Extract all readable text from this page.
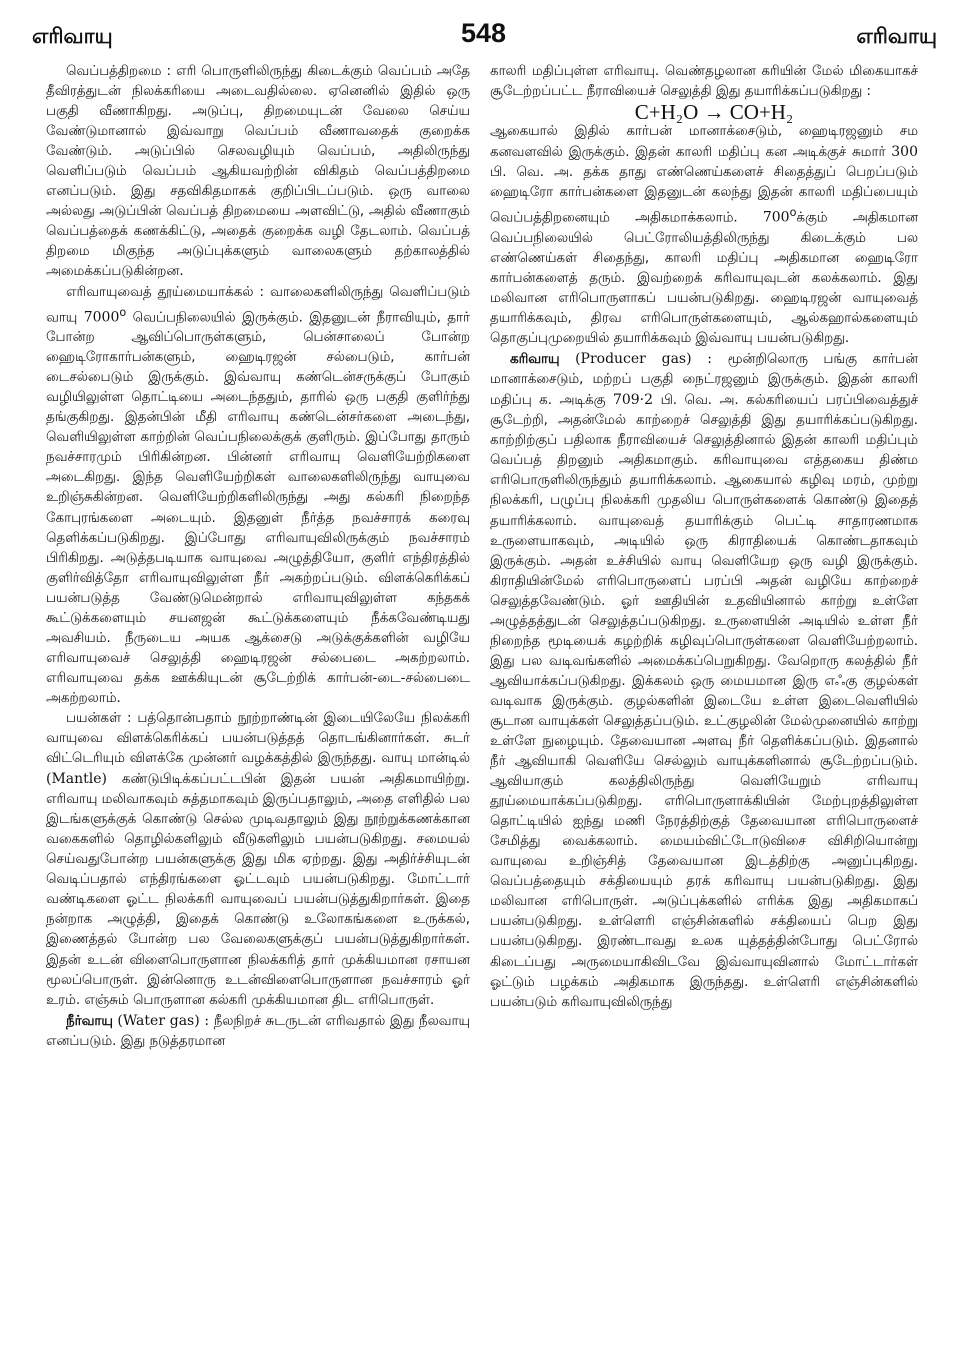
எரிவாயு	548	எரிவாயு

வெப்பத்திறமை : எரி பொருளிலிருந்து கிடைக்கும் வெப்பம் அதே தீவிரத்துடன் நிலக்கரியை அடைவதில்லை. ஏனெனில் இதில் ஒரு பகுதி வீணாகிறது. அடுப்பு, திறமையுடன் வேலை செய்ய வேண்டுமானால் இவ்வாறு வெப்பம் வீணாவதைக் குறைக்க வேண்டும். அடுப்பில் செலவழியும் வெப்பம், அதிலிருந்து வெளிப்படும் வெப்பம் ஆகியவற்றின் விகிதம் வெப்பத்திறமை எனப்படும். இது சதவிகிதமாகக் குறிப்பிடப்படும். ஒரு வாலை அல்லது அடுப்பின் வெப்பத் திறமையை அளவிட்டு, அதில் வீணாகும் வெப்பத்தைக் கணக்கிட்டு, அதைக் குறைக்க வழி தேடலாம். வெப்பத் திறமை மிகுந்த அடுப்புக்களும் வாலைகளும் தற்காலத்தில் அமைக்கப்படுகின்றன.

எரிவாயுவைத் தூய்மையாக்கல் : வாலைகளிலிருந்து வெளிப்படும் வாயு 7000$^o$ வெப்பநிலையில் இருக்கும். இதனுடன் நீராவியும், தார் போன்ற ஆவிப்பொருள்களும், பென்சாலைப் போன்ற ஹைடிரோகார்பன்களும், ஹைடிரஜன் சல்பைடும், கார்பன் டைசல்பைடும் இருக்கும். இவ்வாயு கண்டென்சருக்குப் போகும் வழியிலுள்ள தொட்டியை அடைந்ததும், தாரில் ஒரு பகுதி குளிர்ந்து தங்குகிறது. இதன்பின் மீதி எரிவாயு கண்டென்சர்களை அடைந்து, வெளியிலுள்ள காற்றின் வெப்பநிலைக்குக் குளிரும். இப்போது தாரும் நவச்சாரமும் பிரிகின்றன. பின்னர் எரிவாயு வெளியேற்றிகளை அடைகிறது. இந்த வெளியேற்றிகள் வாலைகளிலிருந்து வாயுவை உறிஞ்சுகின்றன. வெளியேற்றிகளிலிருந்து அது கல்கரி நிறைந்த கோபுரங்களை அடையும். இதனுள் நீர்த்த நவச்சாரக் கரைவு தெளிக்கப்படுகிறது. இப்போது எரிவாயுவிலிருக்கும் நவச்சாரம் பிரிகிறது. அடுத்தபடியாக வாயுவை அழுத்தியோ, குளிர் எந்திரத்தில் குளிர்வித்தோ எரிவாயுவிலுள்ள நீர் அகற்றப்படும். விளக்கெரிக்கப் பயன்படுத்த வேண்டுமென்றால் எரிவாயுவிலுள்ள கந்தகக் கூட்டுக்களையும் சயனஜன் கூட்டுக்களையும் நீக்கவேண்டியது அவசியம். நீருடைய அயக ஆக்சைடு அடுக்குக்களின் வழியே எரிவாயுவைச் செலுத்தி ஹைடிரஜன் சல்பைடை அகற்றலாம். எரிவாயுவை தக்க ஊக்கியுடன் சூடேற்றிக் கார்பன்-டை-சல்பைடை அகற்றலாம்.

பயன்கள் : பத்தொன்பதாம் நூற்றாண்டின் இடையிலேயே நிலக்கரி வாயுவை விளக்கெரிக்கப் பயன்படுத்தத் தொடங்கினார்கள். சுடர் விட்டெரியும் விளக்கே முன்னர் வழக்கத்தில் இருந்தது. வாயு மான்டில் (Mantle) கண்டுபிடிக்கப்பட்டபின் இதன் பயன் அதிகமாயிற்று. எரிவாயு மலிவாகவும் சுத்தமாகவும் இருப்பதாலும், அதை எளிதில் பல இடங்களுக்குக் கொண்டு செல்ல முடிவதாலும் இது நூற்றுக்கணக்கான வகைகளில் தொழில்களிலும் வீடுகளிலும் பயன்படுகிறது. சமையல் செய்வதுபோன்ற பயன்களுக்கு இது மிக ஏற்றது. இது அதிர்ச்சியுடன் வெடிப்பதால் எந்திரங்களை ஓட்டவும் பயன்படுகிறது. மோட்டார் வண்டிகளை ஓட்ட நிலக்கரி வாயுவைப் பயன்படுத்துகிறார்கள். இதை நன்றாக அழுத்தி, இதைக் கொண்டு உலோகங்களை உருக்கல், இணைத்தல் போன்ற பல வேலைகளுக்குப் பயன்படுத்துகிறார்கள். இதன் உடன் விளைபொருளான நிலக்கரித் தார் முக்கியமான ரசாயன மூலப்பொருள். இன்னொரு உடன்விளைபொருளான நவச்சாரம் ஓர் உரம். எஞ்சும் பொருளான கல்கரி முக்கியமான திட எரிபொருள்.

நீர்வாயு (Water gas) : நீலநிறச் சுடருடன் எரிவதால் இது நீலவாயு எனப்படும். இது நடுத்தரமான

காலரி மதிப்புள்ள எரிவாயு. வெண்தழலான கரியின் மேல் மிகையாகச் சூடேற்றப்பட்ட நீராவியைச் செலுத்தி இது தயாரிக்கப்படுகிறது :

C+H₂O → CO+H₂

ஆகையால் இதில் கார்பன் மானாக்சைடும், ஹைடிரஜனும் சம கனவளவில் இருக்கும். இதன் காலரி மதிப்பு கன அடிக்குச் சுமார் 300 பி. வெ. அ. தக்க தாது எண்ணெய்களைச் சிதைத்துப் பெறப்படும் ஹைடிரோ கார்பன்களை இதனுடன் கலந்து இதன் காலரி மதிப்பையும் வெப்பத்திறனையும் அதிகமாக்கலாம். 700$^o$க்கும் அதிகமான வெப்பநிலையில் பெட்ரோலியத்திலிருந்து கிடைக்கும் பல எண்ணெய்கள் சிதைந்து, காலரி மதிப்பு அதிகமான ஹைடிரோ கார்பன்களைத் தரும். இவற்றைக் கரிவாயுவுடன் கலக்கலாம். இது மலிவான எரிபொருளாகப் பயன்படுகிறது. ஹைடிரஜன் வாயுவைத் தயாரிக்கவும், திரவ எரிபொருள்களையும், ஆல்கஹால்களையும் தொகுப்புமுறையில் தயாரிக்கவும் இவ்வாயு பயன்படுகிறது.

கரிவாயு (Producer gas) : மூன்றிலொரு பங்கு கார்பன் மானாக்சைடும், மற்றப் பகுதி நைட்ரஜனும் இருக்கும். இதன் காலரி மதிப்பு க. அடிக்கு 709·2 பி. வெ. அ. கல்கரியைப் பரப்பிவைத்துச் சூடேற்றி, அதன்மேல் காற்றைச் செலுத்தி இது தயாரிக்கப்படுகிறது. காற்றிற்குப் பதிலாக நீராவியைச் செலுத்தினால் இதன் காலரி மதிப்பும் வெப்பத் திறனும் அதிகமாகும். கரிவாயுவை எத்தகைய திண்ம எரிபொருளிலிருந்தும் தயாரிக்கலாம். ஆகையால் கழிவு மரம், முற்று நிலக்கரி, பழுப்பு நிலக்கரி முதலிய பொருள்களைக் கொண்டு இதைத் தயாரிக்கலாம். வாயுவைத் தயாரிக்கும் பெட்டி சாதாரணமாக உருளையாகவும், அடியில் ஒரு கிராதியைக் கொண்டதாகவும் இருக்கும். அதன் உச்சியில் வாயு வெளியேற ஒரு வழி இருக்கும். கிராதியின்மேல் எரிபொருளைப் பரப்பி அதன் வழியே காற்றைச் செலுத்தவேண்டும். ஓர் ஊதியின் உதவியினால் காற்று உள்ளே அழுத்தத்துடன் செலுத்தப்படுகிறது. உருளையின் அடியில் உள்ள நீர் நிறைந்த மூடியைக் கழற்றிக் கழிவுப்பொருள்களை வெளியேற்றலாம். இது பல வடிவங்களில் அமைக்கப்பெறுகிறது. வேறொரு கலத்தில் நீர் ஆவியாக்கப்படுகிறது. இக்கலம் ஒரு மையமான இரு எஃகு குழல்கள் வடிவாக இருக்கும். குழல்களின் இடையே உள்ள இடைவெளியில் சூடான வாயுக்கள் செலுத்தப்படும். உட்குழலின் மேல்முனையில் காற்று உள்ளே நுழையும். தேவையான அளவு நீர் தெளிக்கப்படும். இதனால் நீர் ஆவியாகி வெளியே செல்லும் வாயுக்களினால் சூடேற்றப்படும். ஆவியாகும் கலத்திலிருந்து வெளியேறும் எரிவாயு தூய்மையாக்கப்படுகிறது. எரிபொருளாக்கியின் மேற்புறத்திலுள்ள தொட்டியில் ஐந்து மணி நேரத்திற்குத் தேவையான எரிபொருளைச் சேமித்து வைக்கலாம். மையம்விட்டோடுவிசை விசிறியொன்று வாயுவை உறிஞ்சித் தேவையான இடத்திற்கு அனுப்புகிறது. வெப்பத்தையும் சக்தியையும் தரக் கரிவாயு பயன்படுகிறது. இது மலிவான எரிபொருள். அடுப்புக்களில் எரிக்க இது அதிகமாகப் பயன்படுகிறது. உள்ளெரி எஞ்சின்களில் சக்தியைப் பெற இது பயன்படுகிறது. இரண்டாவது உலக யுத்தத்தின்போது பெட்ரோல் கிடைப்பது அருமையாகிவிடவே இவ்வாயுவினால் மோட்டார்கள் ஓட்டும் பழக்கம் அதிகமாக இருந்தது. உள்ளெரி எஞ்சின்களில் பயன்படும் கரிவாயுவிலிருந்து
